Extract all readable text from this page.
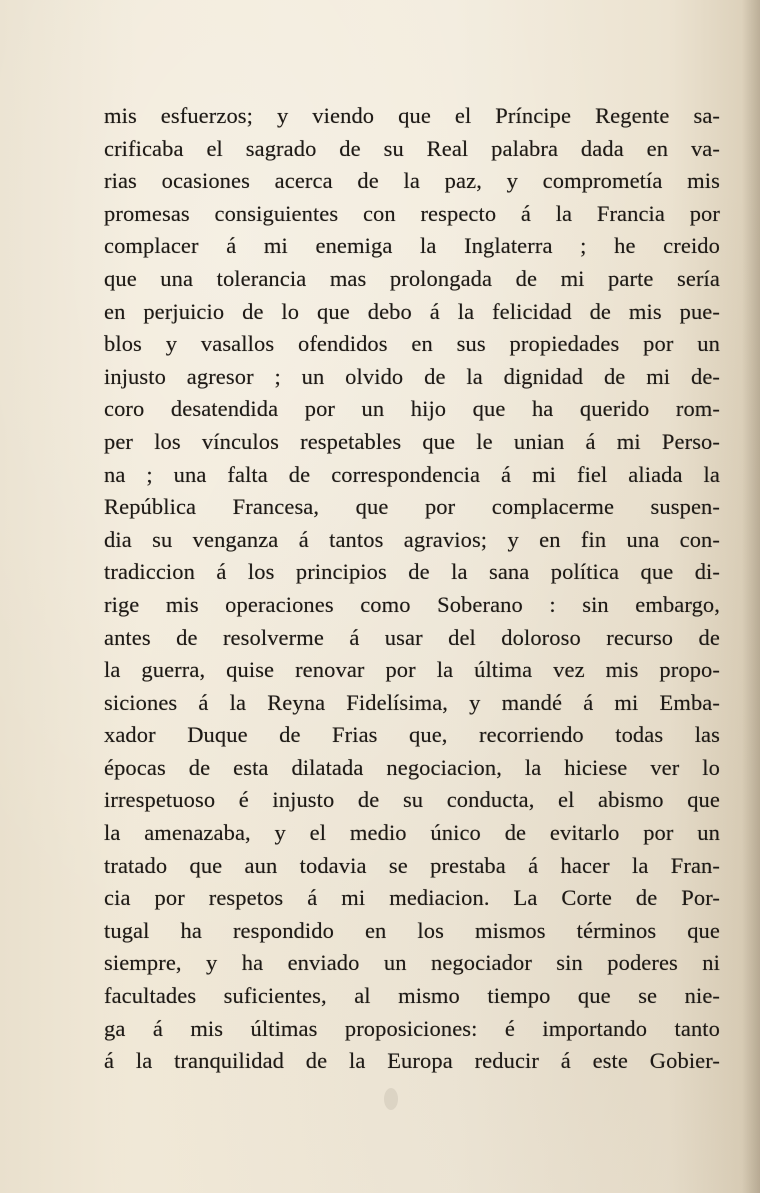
mis esfuerzos; y viendo que el Príncipe Regente sa-
crificaba el sagrado de su Real palabra dada en va-
rias ocasiones acerca de la paz, y comprometía mis
promesas consiguientes con respecto á la Francia por
complacer á mi enemiga la Inglaterra ; he creido
que una tolerancia mas prolongada de mi parte sería
en perjuicio de lo que debo á la felicidad de mis pue-
blos y vasallos ofendidos en sus propiedades por un
injusto agresor ; un olvido de la dignidad de mi de-
coro desatendida por un hijo que ha querido rom-
per los vínculos respetables que le unian á mi Perso-
na ; una falta de correspondencia á mi fiel aliada la
República Francesa, que por complacerme suspen-
dia su venganza á tantos agravios; y en fin una con-
tradiccion á los principios de la sana política que di-
rige mis operaciones como Soberano : sin embargo,
antes de resolverme á usar del doloroso recurso de
la guerra, quise renovar por la última vez mis propo-
siciones á la Reyna Fidelísima, y mandé á mi Emba-
xador Duque de Frias que, recorriendo todas las
épocas de esta dilatada negociacion, la hiciese ver lo
irrespetuoso é injusto de su conducta, el abismo que
la amenazaba, y el medio único de evitarlo por un
tratado que aun todavia se prestaba á hacer la Fran-
cia por respetos á mi mediacion. La Corte de Por-
tugal ha respondido en los mismos términos que
siempre, y ha enviado un negociador sin poderes ni
facultades suficientes, al mismo tiempo que se nie-
ga á mis últimas proposiciones: é importando tanto
á la tranquilidad de la Europa reducir á este Gobier-
